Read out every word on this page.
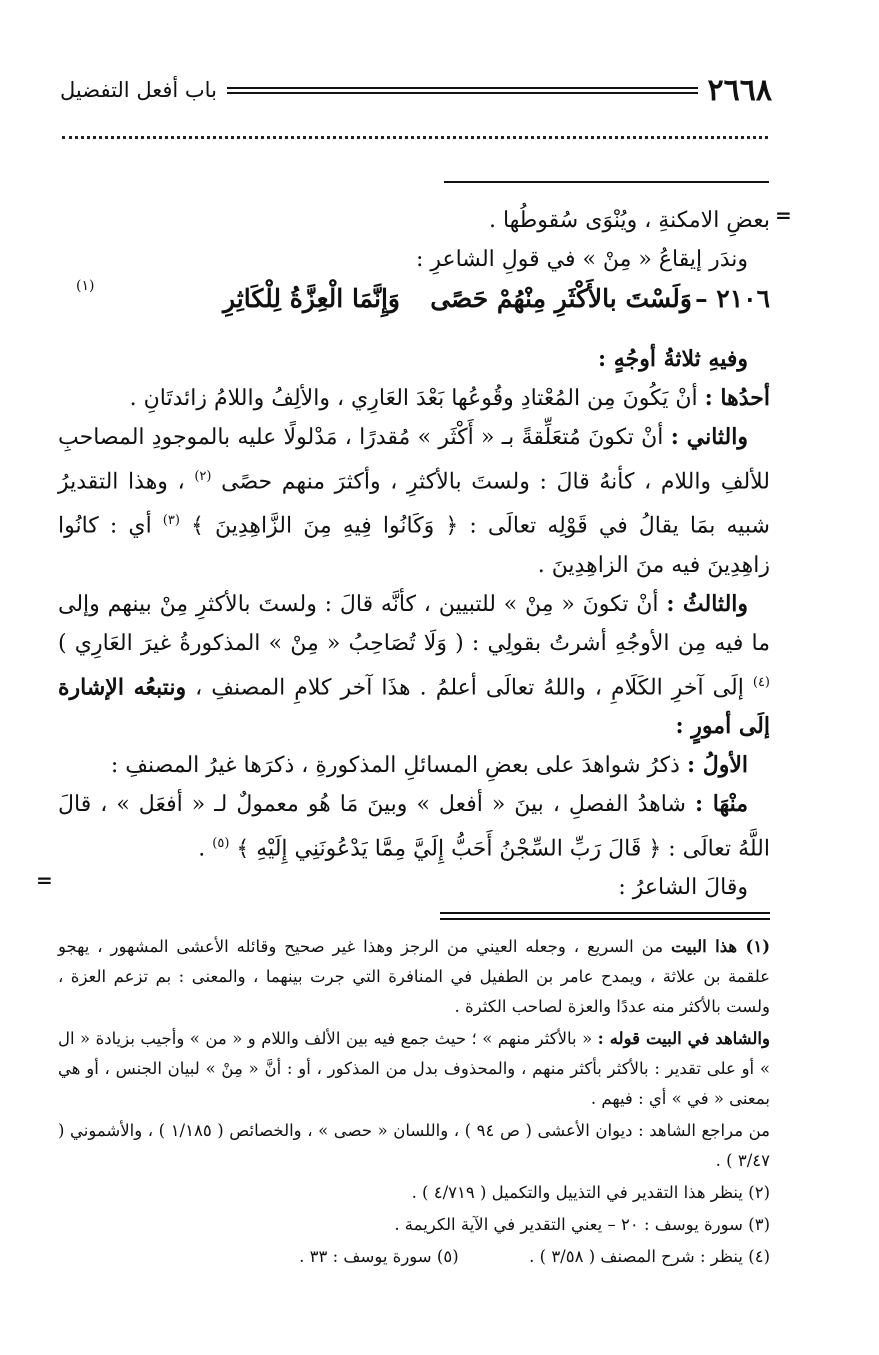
٢٦٦٨
باب أفعل التفضيل
=
=

بعضِ الامكنةِ ، ويُنْوَى سُقوطُها .

وندَر إيقاعُ « مِنْ » في قولِ الشاعرِ :

٢١٠٦ –
وَلَسْتَ بالأَكْثَرِ مِنْهُمْ حَصًى
وَإِنَّمَا الْعِزَّةُ لِلْكَاثِرِ
(١)

وفيهِ ثلاثةُ أوجُهٍ :

أحدُها : أنْ يَكُونَ مِن المُعْتادِ وقُوعُها بَعْدَ العَارِي ، والألِفُ واللامُ زائدتَانِ .

والثاني : أنْ تكونَ مُتعَلِّقةً بـ « أَكْثَر » مُقدرًا ، مَدْلولًا عليه بالموجودِ المصاحبِ للألفِ واللام ، كأنهُ قالَ : ولستَ بالأكثرِ ، وأكثرَ منهم حصًى $^{(٢)}$ ، وهذا التقديرُ شبيه بمَا يقالُ في قَوْلِه تعالَى : ﴿ وَكَانُوا فِيهِ مِنَ الزَّاهِدِينَ ﴾ $^{(٣)}$ أي : كانُوا زاهِدِينَ فيه منَ الزاهِدِينَ .

والثالثُ : أنْ تكونَ « مِنْ » للتبيين ، كأنَّه قالَ : ولستَ بالأكثرِ مِنْ بينهم وإلى ما فيه مِن الأوجُهِ أشرتُ بقولِي : ( وَلَا تُصَاحِبُ « مِنْ » المذكورةُ غيرَ العَارِي ) $^{(٤)}$ إلَى آخرِ الكَلَامِ ، واللهُ تعالَى أعلمُ . هذَا آخر كلامِ المصنفِ ، ونتبعُه الإشارة إلَى أمورٍ :

الأولُ : ذكرُ شواهدَ على بعضِ المسائلِ المذكورةِ ، ذكرَها غيرُ المصنفِ :

منْهَا : شاهدُ الفصلِ ، بينَ « أفعل » وبينَ مَا هُو معمولٌ لـ « أفعَل » ، قالَ اللَّهُ تعالَى : ﴿ قَالَ رَبِّ السِّجْنُ أَحَبُّ إِلَيَّ مِمَّا يَدْعُونَنِي إِلَيْهِ ﴾ $^{(٥)}$ .

وقالَ الشاعرُ :

(١) هذا البيت من السريع ، وجعله العيني من الرجز وهذا غير صحيح وقائله الأعشى المشهور ، يهجو علقمة بن علاثة ، ويمدح عامر بن الطفيل في المنافرة التي جرت بينهما ، والمعنى : بم تزعم العزة ، ولست بالأكثر منه عددًا والعزة لصاحب الكثرة .

والشاهد في البيت قوله : « بالأكثر منهم » ؛ حيث جمع فيه بين الألف واللام و « من » وأجيب بزيادة « ال » أو على تقدير : بالأكثر بأكثر منهم ، والمحذوف بدل من المذكور ، أو : أنَّ « مِنْ » لبيان الجنس ، أو هي بمعنى « في » أي : فيهم .

من مراجع الشاهد : ديوان الأعشى ( ص ٩٤ ) ، واللسان « حصى » ، والخصائص ( ١/١٨٥ ) ، والأشموني ( ٣/٤٧ ) .

(٢) ينظر هذا التقدير في التذييل والتكميل ( ٤/٧١٩ ) .

(٣) سورة يوسف : ٢٠ – يعني التقدير في الآية الكريمة .

(٤) ينظر : شرح المصنف ( ٣/٥٨ ) .  (٥) سورة يوسف : ٣٣ .
